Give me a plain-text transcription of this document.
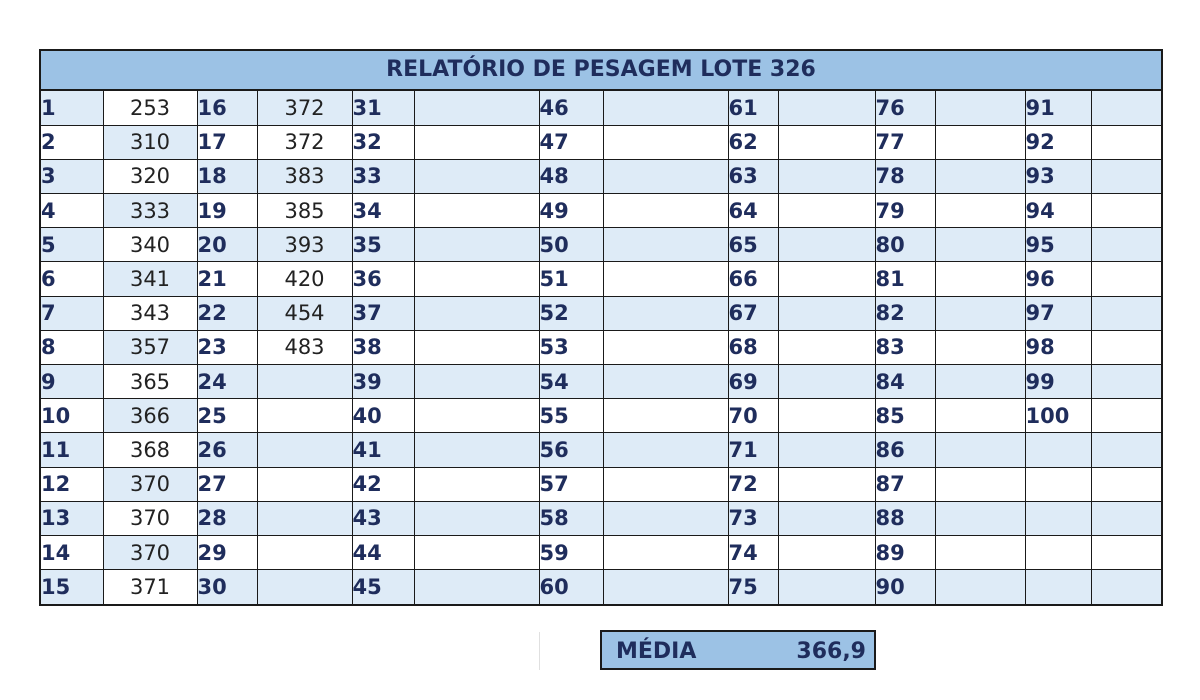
RELATÓRIO DE PESAGEM LOTE 326
1	253	16	372	31		46		61		76		91	
2	310	17	372	32		47		62		77		92	
3	320	18	383	33		48		63		78		93	
4	333	19	385	34		49		64		79		94	
5	340	20	393	35		50		65		80		95	
6	341	21	420	36		51		66		81		96	
7	343	22	454	37		52		67		82		97	
8	357	23	483	38		53		68		83		98	
9	365	24		39		54		69		84		99	
10	366	25		40		55		70		85		100	
11	368	26		41		56		71		86			
12	370	27		42		57		72		87			
13	370	28		43		58		73		88			
14	370	29		44		59		74		89			
15	371	30		45		60		75		90			
MÉDIA	366,9
